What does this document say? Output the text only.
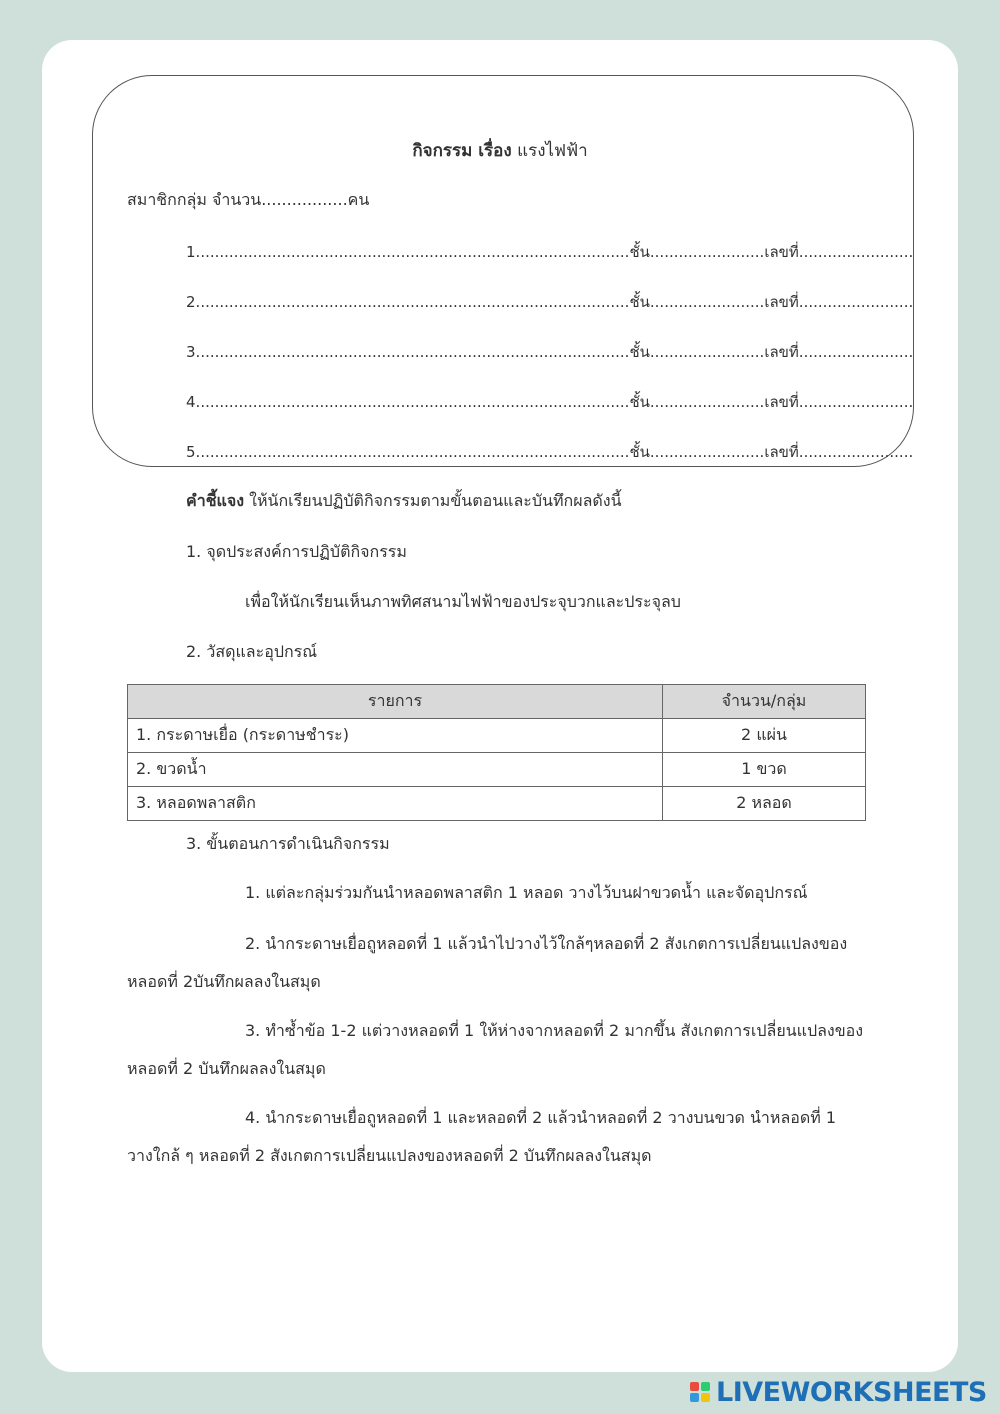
กิจกรรม เรื่อง แรงไฟฟ้า
สมาชิกกลุ่ม จำนวน.................คน
1...........................................................................................ชั้น........................เลขที่........................
2...........................................................................................ชั้น........................เลขที่........................
3...........................................................................................ชั้น........................เลขที่........................
4...........................................................................................ชั้น........................เลขที่........................
5...........................................................................................ชั้น........................เลขที่........................
คำชี้แจง ให้นักเรียนปฏิบัติกิจกรรมตามขั้นตอนและบันทึกผลดังนี้
1. จุดประสงค์การปฏิบัติกิจกรรม
เพื่อให้นักเรียนเห็นภาพทิศสนามไฟฟ้าของประจุบวกและประจุลบ
2. วัสดุและอุปกรณ์
รายการ	จำนวน/กลุ่ม
1. กระดาษเยื่อ (กระดาษชำระ)	2 แผ่น
2. ขวดน้ำ	1 ขวด
3. หลอดพลาสติก	2 หลอด
3. ขั้นตอนการดำเนินกิจกรรม
1. แต่ละกลุ่มร่วมกันนำหลอดพลาสติก 1 หลอด วางไว้บนฝาขวดน้ำ และจัดอุปกรณ์
2. นำกระดาษเยื่อถูหลอดที่ 1 แล้วนำไปวางไว้ใกล้ๆหลอดที่ 2 สังเกตการเปลี่ยนแปลงของ
หลอดที่ 2บันทึกผลลงในสมุด
3. ทำซ้ำข้อ 1-2 แต่วางหลอดที่ 1 ให้ห่างจากหลอดที่ 2 มากขึ้น สังเกตการเปลี่ยนแปลงของ
หลอดที่ 2 บันทึกผลลงในสมุด
4. นำกระดาษเยื่อถูหลอดที่ 1 และหลอดที่ 2 แล้วนำหลอดที่ 2 วางบนขวด นำหลอดที่ 1
วางใกล้ ๆ หลอดที่ 2 สังเกตการเปลี่ยนแปลงของหลอดที่ 2 บันทึกผลลงในสมุด
LIVEWORKSHEETS
